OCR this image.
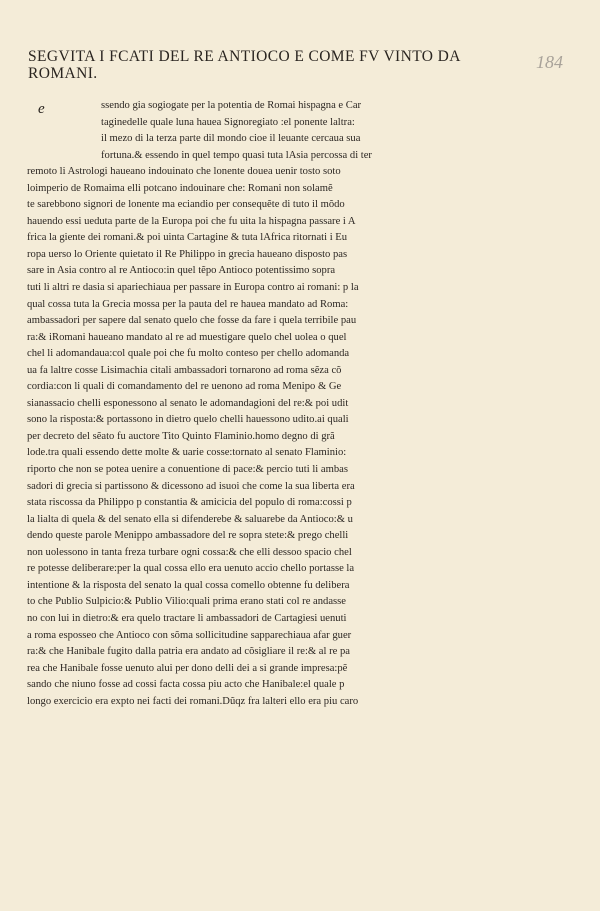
184
SEGVITA I FCATI DEL RE ANTIOCO E COME FV VINTO DA ROMANI.
e	ssendo gia sogiogate per la potentia de Romai hispagna e Car
taginedelle quale luna hauea Signoregiato :el ponente laltra:
il mezo di la terza parte dil mondo cioe il leuante cercaua sua
fortuna.& essendo in quel tempo quasi tuta lAsia percossa di ter
remoto li Astrologi haueano indouinato che lonente douea uenir tosto soto
loimperio de Romaima elli potcano indouinare che: Romani non solamẽ
te sarebbono signori de lonente ma eciandio per consequẽte di tuto il mõdo
hauendo essi ueduta parte de la Europa poi che fu uita la hispagna passare i A
frica la giente dei romani.& poi uinta Cartagine & tuta lAfrica ritornati i Eu
ropa uerso lo Oriente quietato il Re Philippo in grecia haueano disposto pas
sare in Asia contro al re Antioco:in quel tẽpo Antioco potentissimo sopra
tuti li altri re dasia si apariechiaua per passare in Europa contro ai romani: p la
qual cossa tuta la Grecia mossa per la pauta del re hauea mandato ad Roma:
ambassadori per sapere dal senato quelo che fosse da fare i quela terribile pau
ra:& iRomani haueano mandato al re ad muestigare quelo chel uolea o quel
chel li adomandaua:col quale poi che fu molto conteso per chello adomanda
ua fa laltre cosse Lisimachia citali ambassadori tornarono ad roma sẽza cõ
cordia:con li quali di comandamento del re uenono ad roma Menipo & Ge
sianassacio chelli esponessono al senato le adomandagioni del re:& poi udit
sono la risposta:& portassono in dietro quelo chelli hauessono udito.ai quali
per decreto del sẽato fu auctore Tito Quinto Flaminio.homo degno di grã
lode.tra quali essendo dette molte & uarie cosse:tornato al senato Flaminio:
riporto che non se potea uenire a conuentione di pace:& percio tuti li ambas
sadori di grecia si partissono & dicessono ad isuoi che come la sua liberta era
stata riscossa da Philippo p constantia & amicicia del populo di roma:cossi p
la lialta di quela & del senato ella si difenderebe & saluarebe da Antioco:& u
dendo queste parole Menippo ambassadore del re sopra stete:& prego chelli
non uolessono in tanta freza turbare ogni cossa:& che elli dessoo spacio chel
re potesse deliberare:per la qual cossa ello era uenuto accio chello portasse la
intentione & la risposta del senato la qual cossa comello obtenne fu delibera
to che Publio Sulpicio:& Publio Vilio:quali prima erano stati col re andasse
no con lui in dietro:& era quelo tractare li ambassadori de Cartagiesi uenuti
a roma esposseo che Antioco con sõma sollicitudine sapparechiaua afar guer
ra:& che Hanibale fugito dalla patria era andato ad cõsigliare il re:& al re pa
rea che Hanibale fosse uenuto alui per dono delli dei a si grande impresa:pẽ
sando che niuno fosse ad cossi facta cossa piu acto che Hanibale:el quale p
longo exercicio era expto nei facti dei romani.Dũqz fra lalteri ello era piu caro
